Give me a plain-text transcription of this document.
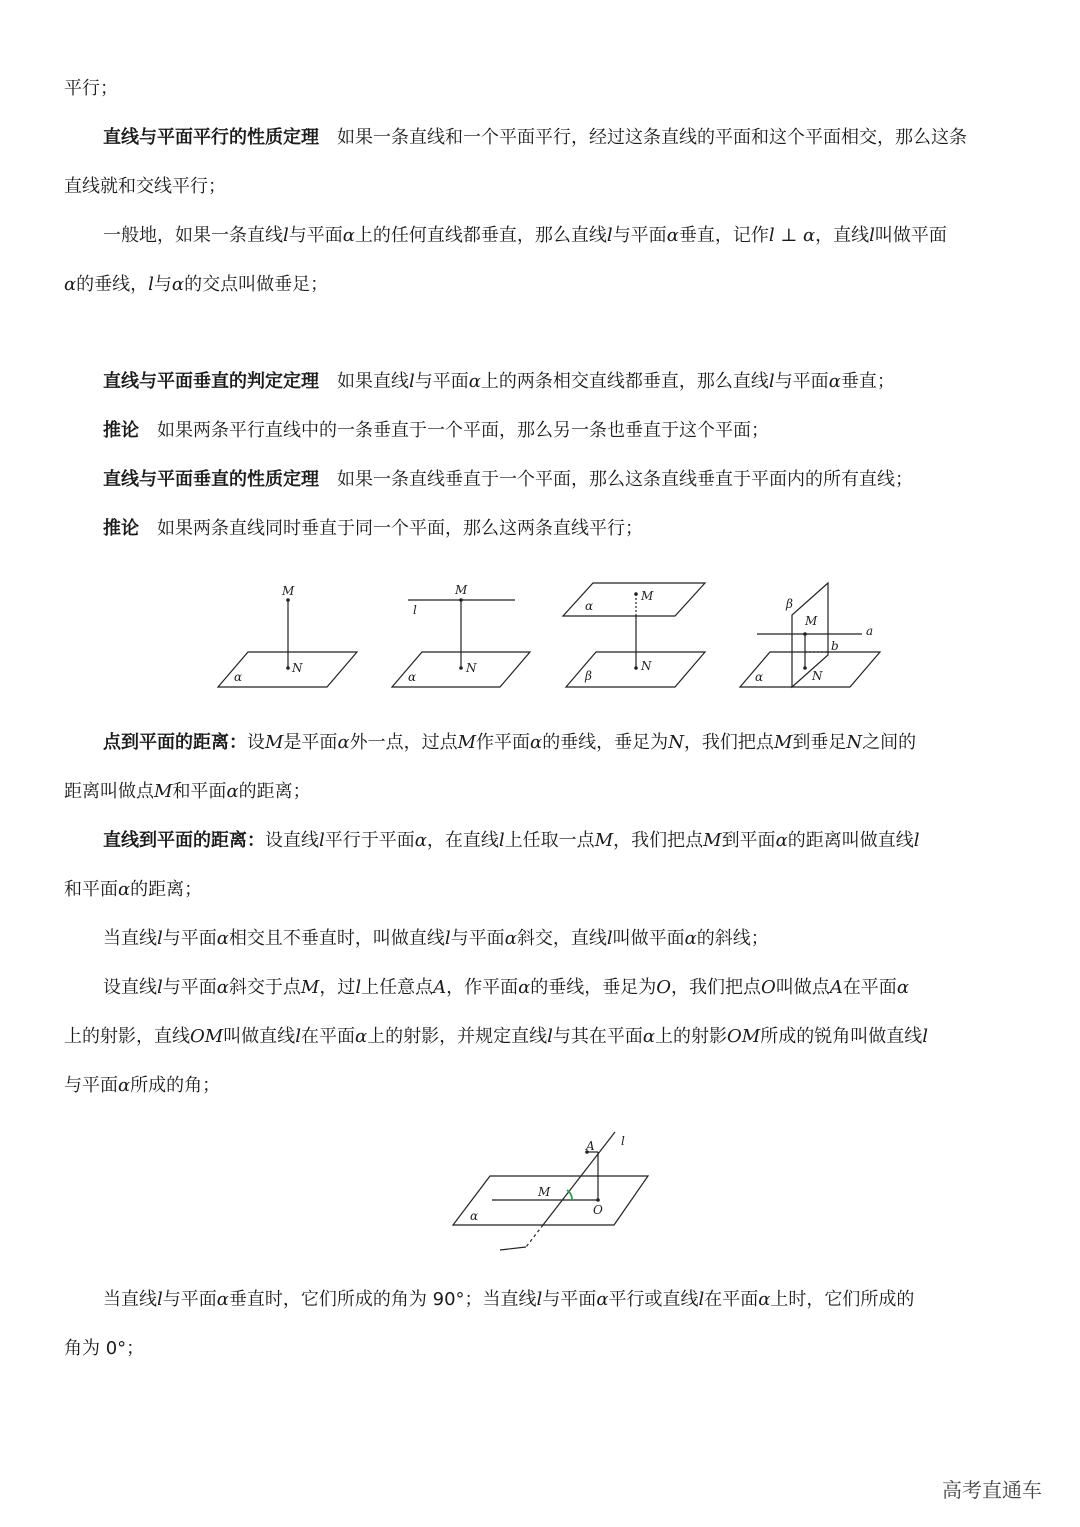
平行；
直线与平面平行的性质定理 如果一条直线和一个平面平行，经过这条直线的平面和这个平面相交，那么这条
直线就和交线平行；
一般地，如果一条直线l与平面α上的任何直线都垂直，那么直线l与平面α垂直，记作l ⊥ α，直线l叫做平面
α的垂线，l与α的交点叫做垂足；
直线与平面垂直的判定定理 如果直线l与平面α上的两条相交直线都垂直，那么直线l与平面α垂直；
推论 如果两条平行直线中的一条垂直于一个平面，那么另一条也垂直于这个平面；
直线与平面垂直的性质定理 如果一条直线垂直于一个平面，那么这条直线垂直于平面内的所有直线；
推论 如果两条直线同时垂直于同一个平面，那么这两条直线平行；
M
N
α
M
l
N
α
α
M
N
β
β
M
a
b
N
α
点到平面的距离：设M是平面α外一点，过点M作平面α的垂线，垂足为N，我们把点M到垂足N之间的
距离叫做点M和平面α的距离；
直线到平面的距离：设直线l平行于平面α，在直线l上任取一点M，我们把点M到平面α的距离叫做直线l
和平面α的距离；
当直线l与平面α相交且不垂直时，叫做直线l与平面α斜交，直线l叫做平面α的斜线；
设直线l与平面α斜交于点M，过l上任意点A，作平面α的垂线，垂足为O，我们把点O叫做点A在平面α
上的射影，直线OM叫做直线l在平面α上的射影，并规定直线l与其在平面α上的射影OM所成的锐角叫做直线l
与平面α所成的角；
A l
M
O
α
当直线l与平面α垂直时，它们所成的角为 90°；当直线l与平面α平行或直线l在平面α上时，它们所成的
角为 0°；
高考直通车
